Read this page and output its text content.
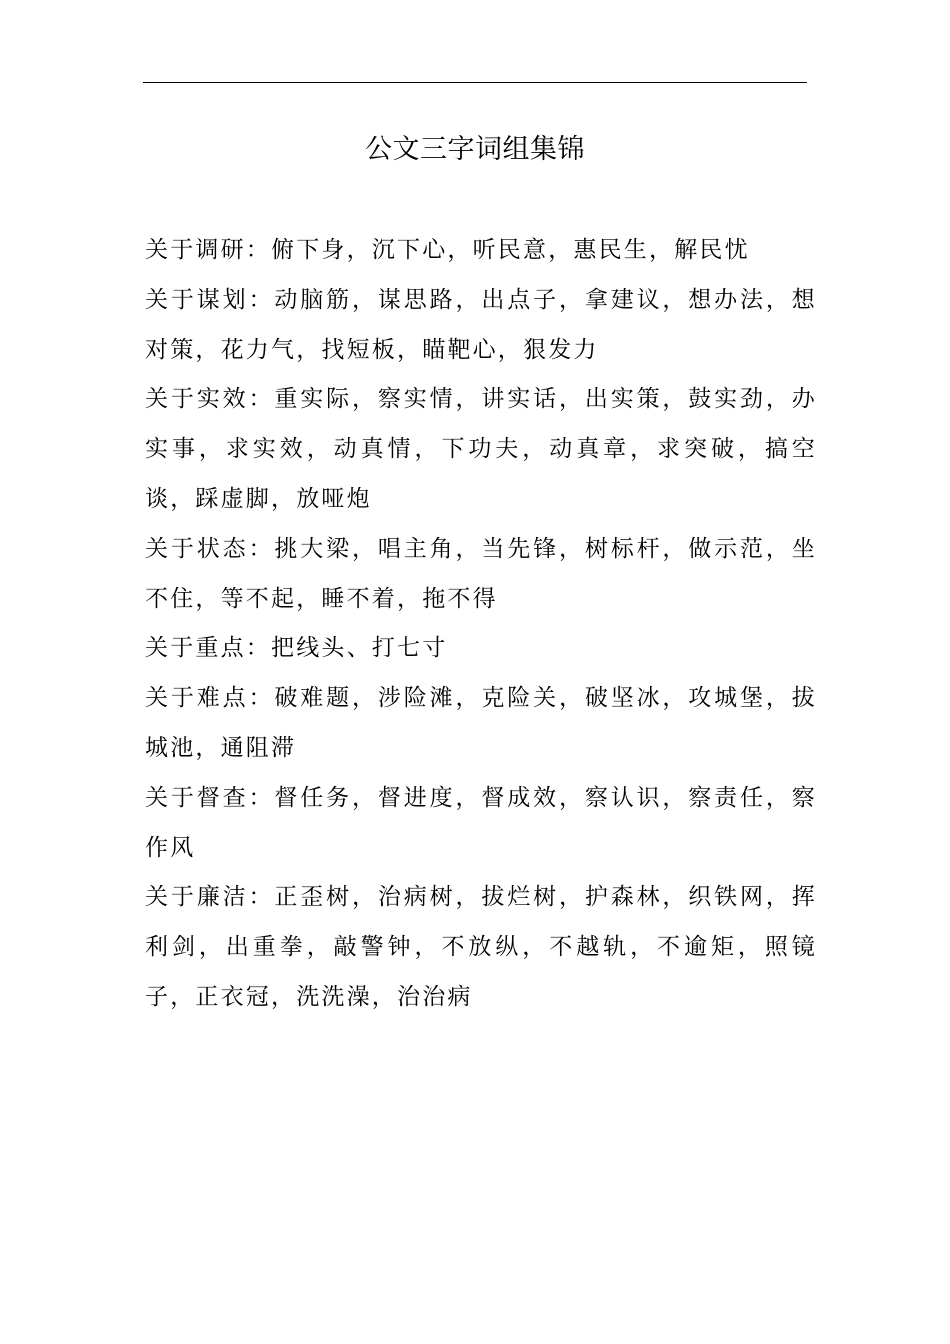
公文三字词组集锦

关于调研：俯下身，沉下心，听民意，惠民生，解民忧

关于谋划：动脑筋，谋思路，出点子，拿建议，想办法，想对策，花力气，找短板，瞄靶心，狠发力

关于实效：重实际，察实情，讲实话，出实策，鼓实劲，办实事，求实效，动真情，下功夫，动真章，求突破，搞空谈，踩虚脚，放哑炮

关于状态：挑大梁，唱主角，当先锋，树标杆，做示范，坐不住，等不起，睡不着，拖不得

关于重点：把线头、打七寸

关于难点：破难题，涉险滩，克险关，破坚冰，攻城堡，拔城池，通阻滞

关于督查：督任务，督进度，督成效，察认识，察责任，察作风

关于廉洁：正歪树，治病树，拔烂树，护森林，织铁网，挥利剑，出重拳，敲警钟，不放纵，不越轨，不逾矩，照镜子，正衣冠，洗洗澡，治治病
